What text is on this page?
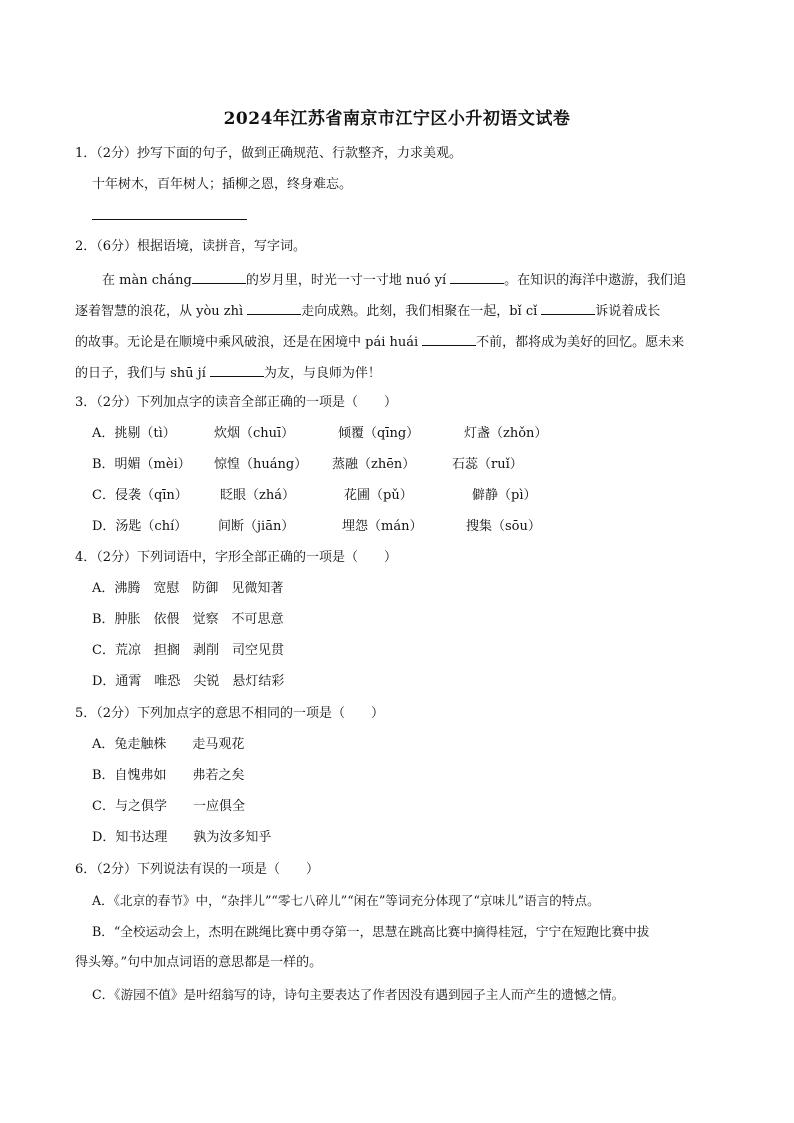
2024年江苏省南京市江宁区小升初语文试卷
1．（2分）抄写下面的句子，做到正确规范、行款整齐，力求美观。
十年树木，百年树人；插柳之恩，终身难忘。
2．（6分）根据语境，读拼音，写字词。
在 màn cháng	的岁月里，时光一寸一寸地 nuó yí	。在知识的海洋中遨游，我们追
逐着智慧的浪花，从 yòu zhì	走向成熟。此刻，我们相聚在一起，bǐ cǐ	诉说着成长
的故事。无论是在顺境中乘风破浪，还是在困境中 pái huái	不前，都将成为美好的回忆。愿未来
的日子，我们与 shū jí	为友，与良师为伴！
3．（2分）下列加点字的读音全部正确的一项是（　　）
A．挑剔（tì）	炊烟（chuī）	倾覆（qīng）	灯盏（zhǒn）
B．明媚（mèi） 惊惶（huáng） 蒸融（zhēn）	石蕊（ruǐ）
C．侵袭（qīn） 眨眼（zhá）	花圃（pǔ）	僻静（pì）
D．汤匙（chí） 间断（jiān）	埋怨（mán）	搜集（sōu）
4．（2分）下列词语中，字形全部正确的一项是（　　）
A．沸腾　宽慰　防御　见微知著
B．肿胀　依偎　觉察　不可思意
C．荒凉　担搁　剥削　司空见贯
D．通霄　唯恐　尖锐　悬灯结彩
5．（2分）下列加点字的意思不相同的一项是（　　）
A．兔走触株　　走马观花
B．自愧弗如　　弗若之矣
C．与之俱学　　一应俱全
D．知书达理　　孰为汝多知乎
6．（2分）下列说法有误的一项是（　　）
A．《北京的春节》中，“杂拌儿”“零七八碎儿”“闲在”等词充分体现了“京味儿”语言的特点。
B．“全校运动会上，杰明在跳绳比赛中勇夺第一，思慧在跳高比赛中摘得桂冠，宁宁在短跑比赛中拔
得头筹。”句中加点词语的意思都是一样的。
C．《游园不值》是叶绍翁写的诗，诗句主要表达了作者因没有遇到园子主人而产生的遗憾之情。
